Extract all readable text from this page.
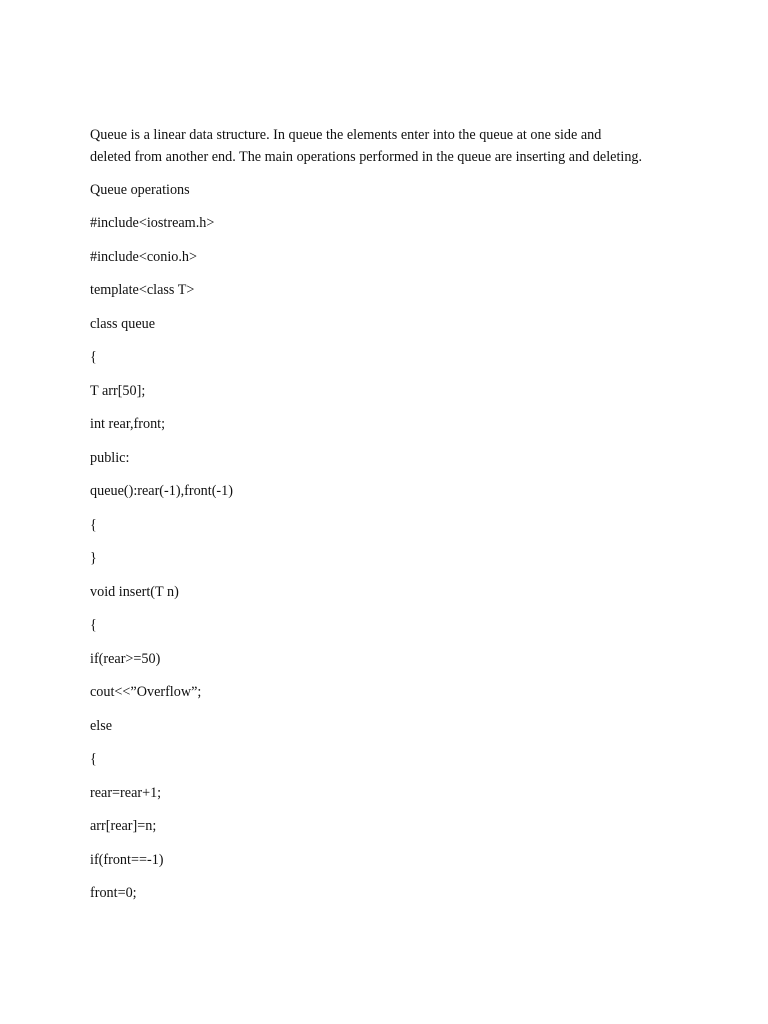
Queue is a linear data structure. In queue the elements enter into the queue at one side and
deleted from another end. The main operations performed in the queue are inserting and deleting.

Queue operations

#include<iostream.h>
#include<conio.h>
template<class T>
class queue
{
T arr[50];
int rear,front;
public:
queue():rear(-1),front(-1)
{
}
void insert(T n)
{
if(rear>=50)
cout<<”Overflow”;
else
{
rear=rear+1;
arr[rear]=n;
if(front==-1)
front=0;
